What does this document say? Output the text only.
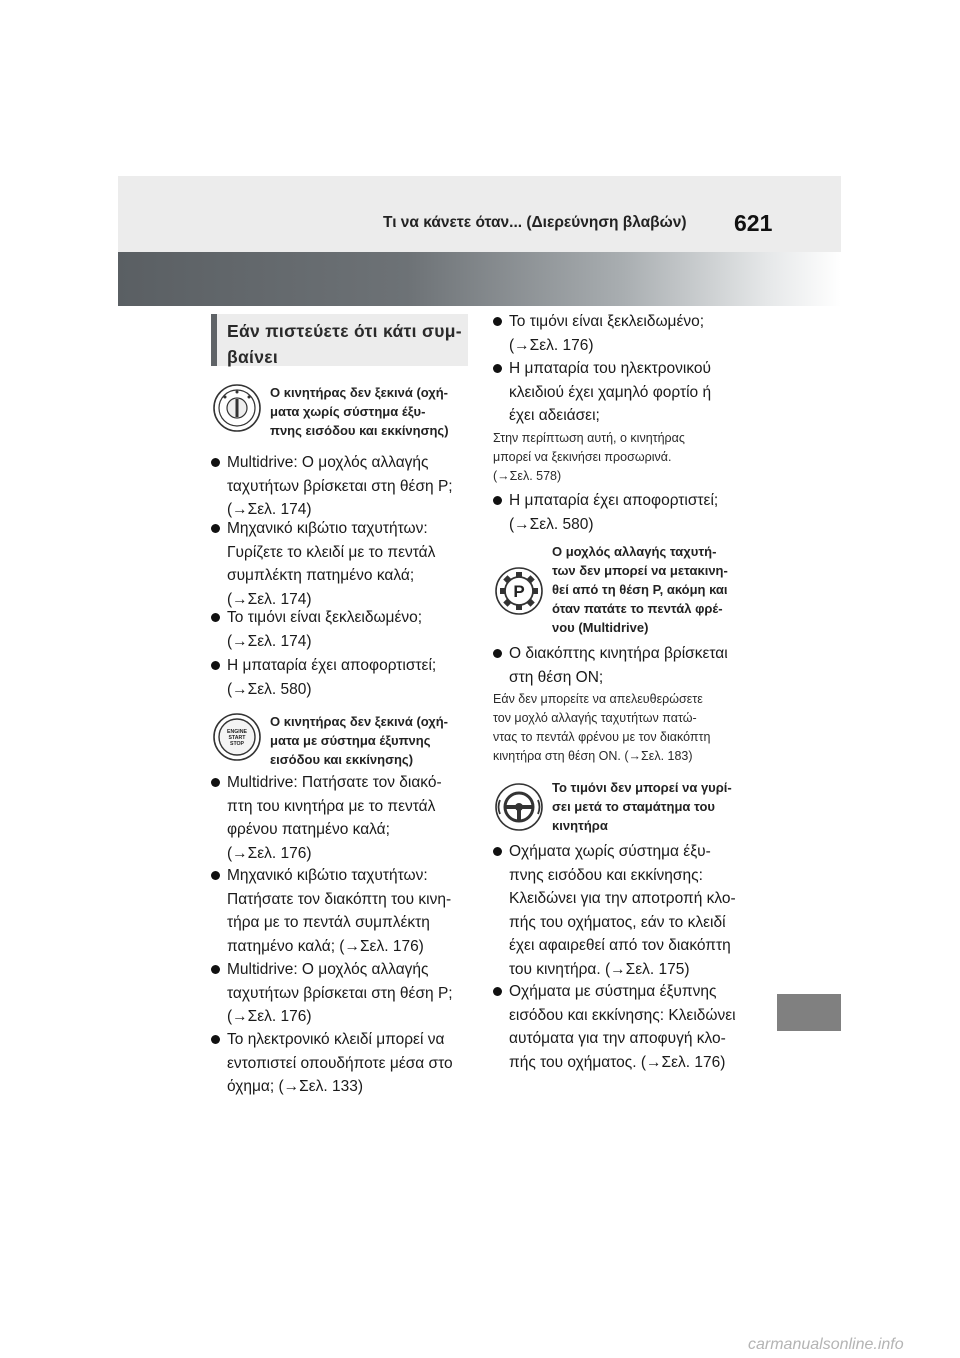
Τι να κάνετε όταν... (Διερεύνηση βλαβών) 621
Εάν πιστεύετε ότι κάτι συμ-
βαίνει
Ο κινητήρας δεν ξεκινά (οχή-
ματα χωρίς σύστημα έξυ-
πνης εισόδου και εκκίνησης)
Multidrive: Ο μοχλός αλλαγής
ταχυτήτων βρίσκεται στη θέση P;
(→Σελ. 174)
Μηχανικό κιβώτιο ταχυτήτων:
Γυρίζετε το κλειδί με το πεντάλ
συμπλέκτη πατημένο καλά;
(→Σελ. 174)
Το τιμόνι είναι ξεκλειδωμένο;
(→Σελ. 174)
Η μπαταρία έχει αποφορτιστεί;
(→Σελ. 580)
ENGINE
START
STOP
Ο κινητήρας δεν ξεκινά (οχή-
ματα με σύστημα έξυπνης
εισόδου και εκκίνησης)
Multidrive: Πατήσατε τον διακό-
πτη του κινητήρα με το πεντάλ
φρένου πατημένο καλά;
(→Σελ. 176)
Μηχανικό κιβώτιο ταχυτήτων:
Πατήσατε τον διακόπτη του κινη-
τήρα με το πεντάλ συμπλέκτη
πατημένο καλά; (→Σελ. 176)
Multidrive: Ο μοχλός αλλαγής
ταχυτήτων βρίσκεται στη θέση P;
(→Σελ. 176)
Το ηλεκτρονικό κλειδί μπορεί να
εντοπιστεί οπουδήποτε μέσα στο
όχημα; (→Σελ. 133)
Το τιμόνι είναι ξεκλειδωμένο;
(→Σελ. 176)
Η μπαταρία του ηλεκτρονικού
κλειδιού έχει χαμηλό φορτίο ή
έχει αδειάσει;
Στην περίπτωση αυτή, ο κινητήρας
μπορεί να ξεκινήσει προσωρινά.
(→Σελ. 578)
Η μπαταρία έχει αποφορτιστεί;
(→Σελ. 580)
P
Ο μοχλός αλλαγής ταχυτή-
των δεν μπορεί να μετακινη-
θεί από τη θέση P, ακόμη και
όταν πατάτε το πεντάλ φρέ-
νου (Multidrive)
Ο διακόπτης κινητήρα βρίσκεται
στη θέση ON;
Εάν δεν μπορείτε να απελευθερώσετε
τον μοχλό αλλαγής ταχυτήτων πατώ-
ντας το πεντάλ φρένου με τον διακόπτη
κινητήρα στη θέση ON. (→Σελ. 183)
Το τιμόνι δεν μπορεί να γυρί-
σει μετά το σταμάτημα του
κινητήρα
Οχήματα χωρίς σύστημα έξυ-
πνης εισόδου και εκκίνησης:
Κλειδώνει για την αποτροπή κλο-
πής του οχήματος, εάν το κλειδί
έχει αφαιρεθεί από τον διακόπτη
του κινητήρα. (→Σελ. 175)
Οχήματα με σύστημα έξυπνης
εισόδου και εκκίνησης: Κλειδώνει
αυτόματα για την αποφυγή κλο-
πής του οχήματος. (→Σελ. 176)
carmanualsonline.info
